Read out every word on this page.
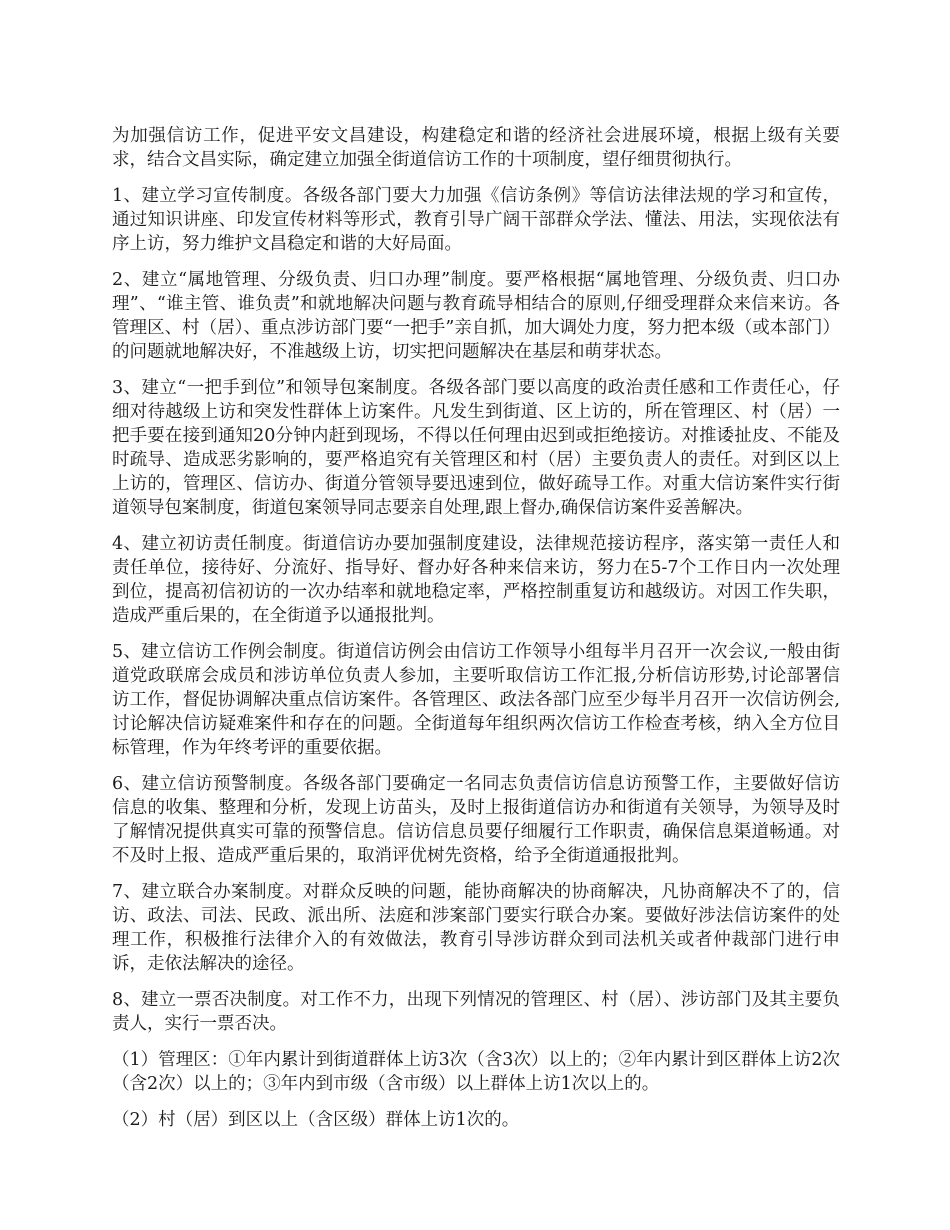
为加强信访工作，促进平安文昌建设，构建稳定和谐的经济社会进展环境，根据上级有关要求，结合文昌实际，确定建立加强全街道信访工作的十项制度，望仔细贯彻执行。

1、建立学习宣传制度。各级各部门要大力加强《信访条例》等信访法律法规的学习和宣传，通过知识讲座、印发宣传材料等形式，教育引导广阔干部群众学法、懂法、用法，实现依法有序上访，努力维护文昌稳定和谐的大好局面。

2、建立“属地管理、分级负责、归口办理”制度。要严格根据“属地管理、分级负责、归口办理”、“谁主管、谁负责”和就地解决问题与教育疏导相结合的原则,仔细受理群众来信来访。各管理区、村（居）、重点涉访部门要“一把手”亲自抓，加大调处力度，努力把本级（或本部门）的问题就地解决好，不准越级上访，切实把问题解决在基层和萌芽状态。

3、建立“一把手到位”和领导包案制度。各级各部门要以高度的政治责任感和工作责任心，仔细对待越级上访和突发性群体上访案件。凡发生到街道、区上访的，所在管理区、村（居）一把手要在接到通知20分钟内赶到现场，不得以任何理由迟到或拒绝接访。对推诿扯皮、不能及时疏导、造成恶劣影响的，要严格追究有关管理区和村（居）主要负责人的责任。对到区以上上访的，管理区、信访办、街道分管领导要迅速到位，做好疏导工作。对重大信访案件实行街道领导包案制度，街道包案领导同志要亲自处理,跟上督办,确保信访案件妥善解决。

4、建立初访责任制度。街道信访办要加强制度建设，法律规范接访程序，落实第一责任人和责任单位，接待好、分流好、指导好、督办好各种来信来访，努力在5-7个工作日内一次处理到位，提高初信初访的一次办结率和就地稳定率，严格控制重复访和越级访。对因工作失职，造成严重后果的，在全街道予以通报批判。

5、建立信访工作例会制度。街道信访例会由信访工作领导小组每半月召开一次会议,一般由街道党政联席会成员和涉访单位负责人参加，主要听取信访工作汇报,分析信访形势,讨论部署信访工作，督促协调解决重点信访案件。各管理区、政法各部门应至少每半月召开一次信访例会,讨论解决信访疑难案件和存在的问题。全街道每年组织两次信访工作检查考核，纳入全方位目标管理，作为年终考评的重要依据。

6、建立信访预警制度。各级各部门要确定一名同志负责信访信息访预警工作，主要做好信访信息的收集、整理和分析，发现上访苗头，及时上报街道信访办和街道有关领导，为领导及时了解情况提供真实可靠的预警信息。信访信息员要仔细履行工作职责，确保信息渠道畅通。对不及时上报、造成严重后果的，取消评优树先资格，给予全街道通报批判。

7、建立联合办案制度。对群众反映的问题，能协商解决的协商解决，凡协商解决不了的，信访、政法、司法、民政、派出所、法庭和涉案部门要实行联合办案。要做好涉法信访案件的处理工作，积极推行法律介入的有效做法，教育引导涉访群众到司法机关或者仲裁部门进行申诉，走依法解决的途径。

8、建立一票否决制度。对工作不力，出现下列情况的管理区、村（居）、涉访部门及其主要负责人，实行一票否决。

（1）管理区：①年内累计到街道群体上访3次（含3次）以上的；②年内累计到区群体上访2次（含2次）以上的；③年内到市级（含市级）以上群体上访1次以上的。

（2）村（居）到区以上（含区级）群体上访1次的。
